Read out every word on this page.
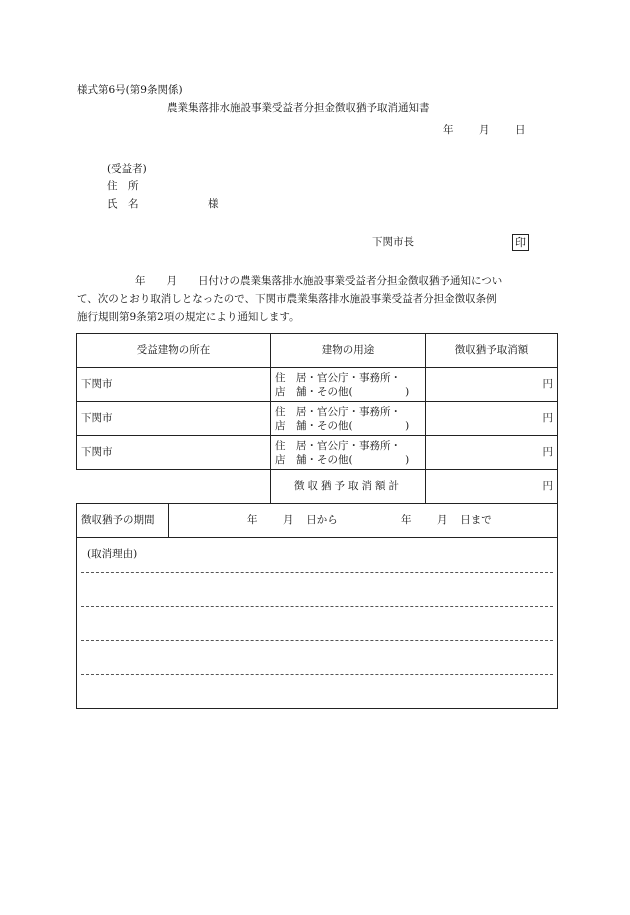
様式第6号(第9条関係)
農業集落排水施設事業受益者分担金徴収猶予取消通知書
年 月 日
(受益者)
住　所
氏　名	様
下関市長	印

年　　月　　日付けの農業集落排水施設事業受益者分担金徴収猶予通知につい

て、次のとおり取消しとなったので、下関市農業集落排水施設事業受益者分担金徴収条例

施行規則第9条第2項の規定により通知します。

受益建物の所在		建物の用途	徴収猶予取消額
下関市		住　居・官公庁・事務所・
店　舗・その他(　　　　　)	円
下関市		住　居・官公庁・事務所・
店　舗・その他(　　　　　)	円
下関市		住　居・官公庁・事務所・
店　舗・その他(　　　　　)	円
		徴収猶予取消額計	円
徴収猶予の期間	年 月 日から 年 月 日まで		

(取消理由)			
